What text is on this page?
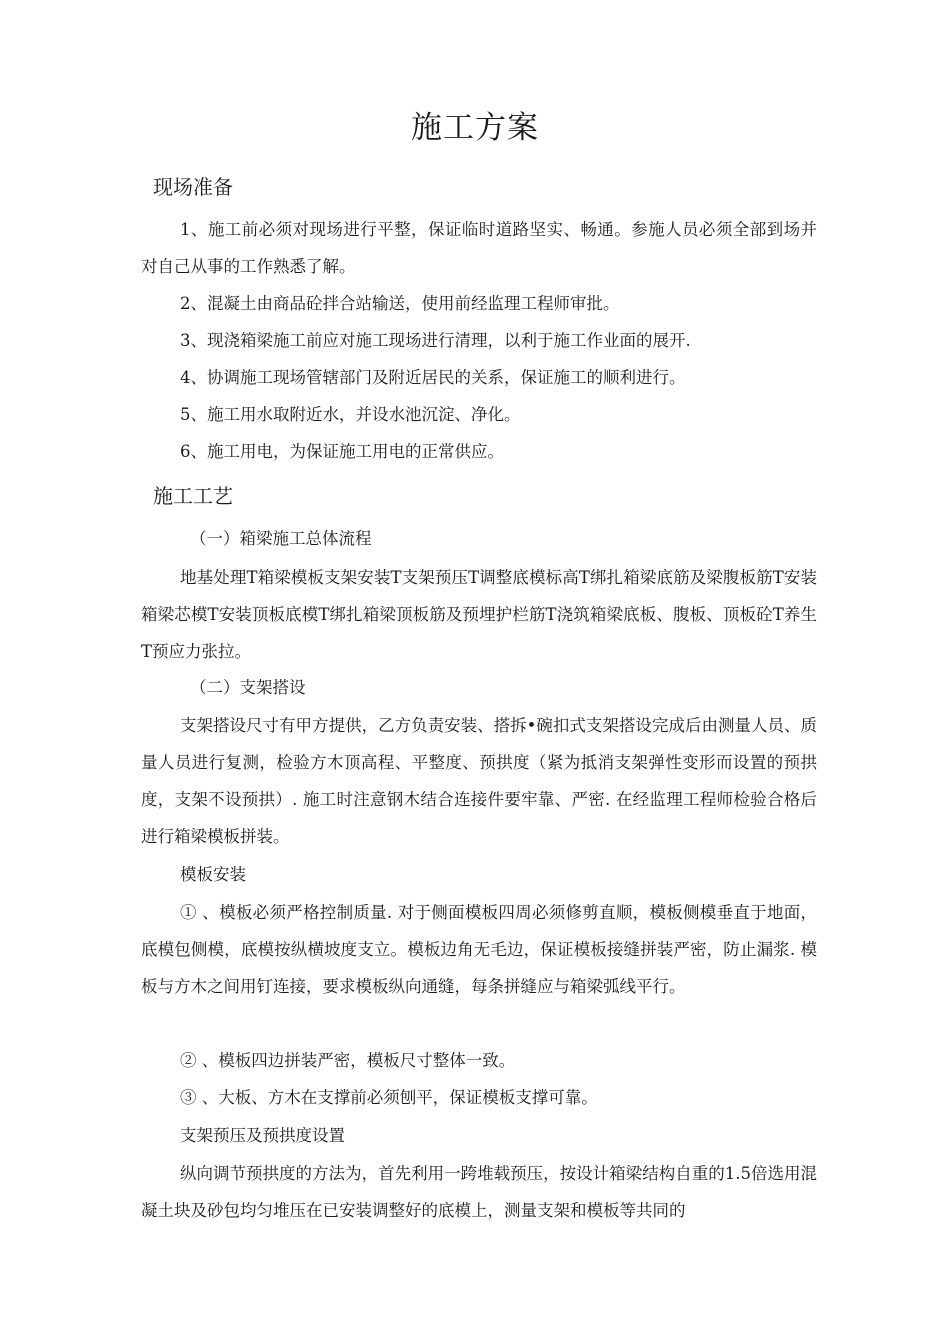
施工方案
现场准备
1、施工前必须对现场进行平整，保证临时道路坚实、畅通。参施人员必须全部到场并对自己从事的工作熟悉了解。
2、混凝土由商品砼拌合站输送，使用前经监理工程师审批。
3、现浇箱梁施工前应对施工现场进行清理，以利于施工作业面的展开.
4、协调施工现场管辖部门及附近居民的关系，保证施工的顺利进行。
5、施工用水取附近水，并设水池沉淀、净化。
6、施工用电，为保证施工用电的正常供应。
施工工艺
（一）箱梁施工总体流程
地基处理T箱梁模板支架安装T支架预压T调整底模标高T绑扎箱梁底筋及梁腹板筋T安装箱梁芯模T安装顶板底模T绑扎箱梁顶板筋及预埋护栏筋T浇筑箱梁底板、腹板、顶板砼T养生T预应力张拉。
（二）支架搭设
支架搭设尺寸有甲方提供，乙方负责安装、搭拆•碗扣式支架搭设完成后由测量人员、质量人员进行复测，检验方木顶高程、平整度、预拱度（紧为抵消支架弹性变形而设置的预拱度，支架不设预拱）. 施工时注意钢木结合连接件要牢靠、严密. 在经监理工程师检验合格后进行箱梁模板拼装。
模板安装
① 、模板必须严格控制质量. 对于侧面模板四周必须修剪直顺，模板侧模垂直于地面，底模包侧模，底模按纵横坡度支立。模板边角无毛边，保证模板接缝拼装严密，防止漏浆. 模板与方木之间用钉连接，要求模板纵向通缝，每条拼缝应与箱梁弧线平行。
② 、模板四边拼装严密，模板尺寸整体一致。
③ 、大板、方木在支撑前必须刨平，保证模板支撑可靠。
支架预压及预拱度设置
纵向调节预拱度的方法为，首先利用一跨堆载预压，按设计箱梁结构自重的1.5倍选用混凝土块及砂包均匀堆压在已安装调整好的底模上，测量支架和模板等共同的
